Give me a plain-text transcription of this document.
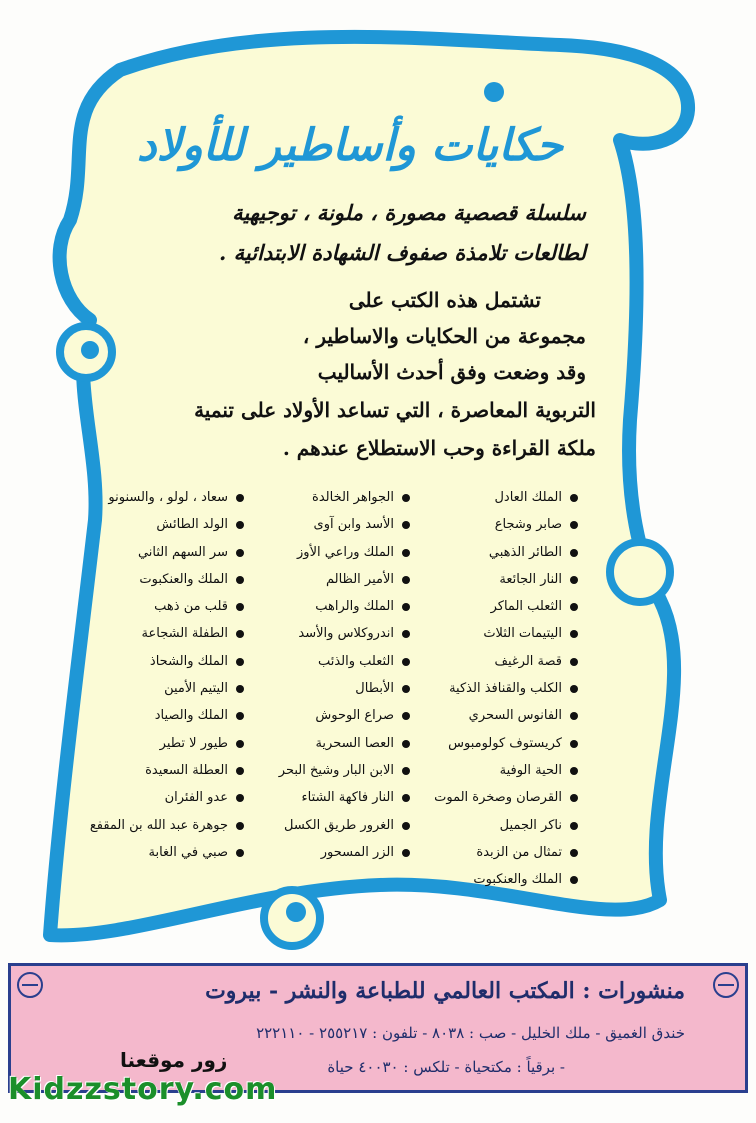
حكايات وأساطير للأولاد
سلسلة قصصية مصورة ، ملونة ، توجيهية
لطالعات تلامذة صفوف الشهادة الابتدائية .
تشتمل هذه الكتب على
مجموعة من الحكايات والاساطير ،
وقد وضعت وفق أحدث الأساليب
التربوية المعاصرة ، التي تساعد الأولاد على تنمية
ملكة القراءة وحب الاستطلاع عندهم .
الملك العادل
صابر وشجاع
الطائر الذهبي
النار الجائعة
الثعلب الماكر
اليتيمات الثلاث
قصة الرغيف
الكلب والقنافذ الذكية
الفانوس السحري
كريستوف كولومبوس
الحية الوفية
القرصان وصخرة الموت
ناكر الجميل
تمثال من الزبدة
الملك والعنكبوت
الجواهر الخالدة
الأسد وابن آوى
الملك وراعي الأوز
الأمير الظالم
الملك والراهب
اندروكلاس والأسد
الثعلب والذئب
الأبطال
صراع الوحوش
العصا السحرية
الابن البار وشيخ البحر
النار فاكهة الشتاء
الغرور طريق الكسل
الزر المسحور
سعاد ، لولو ، والسنونو
الولد الطائش
سر السهم الثاني
الملك والعنكبوت
قلب من ذهب
الطفلة الشجاعة
الملك والشحاذ
اليتيم الأمين
الملك والصياد
طيور لا تطير
العطلة السعيدة
عدو الفئران
جوهرة عبد الله بن المقفع
صبي في الغابة
منشورات : المكتب العالمي للطباعة والنشر - بيروت
خندق الغميق - ملك الخليل - صب : ٨٠٣٨ - تلفون : ٢٥٥٢١٧ - ٢٢٢١١٠
- برقياً : مكتحياة - تلكس : ٤٠٠٣٠ حياة
زور موقعنا
Kidzzstory.com
